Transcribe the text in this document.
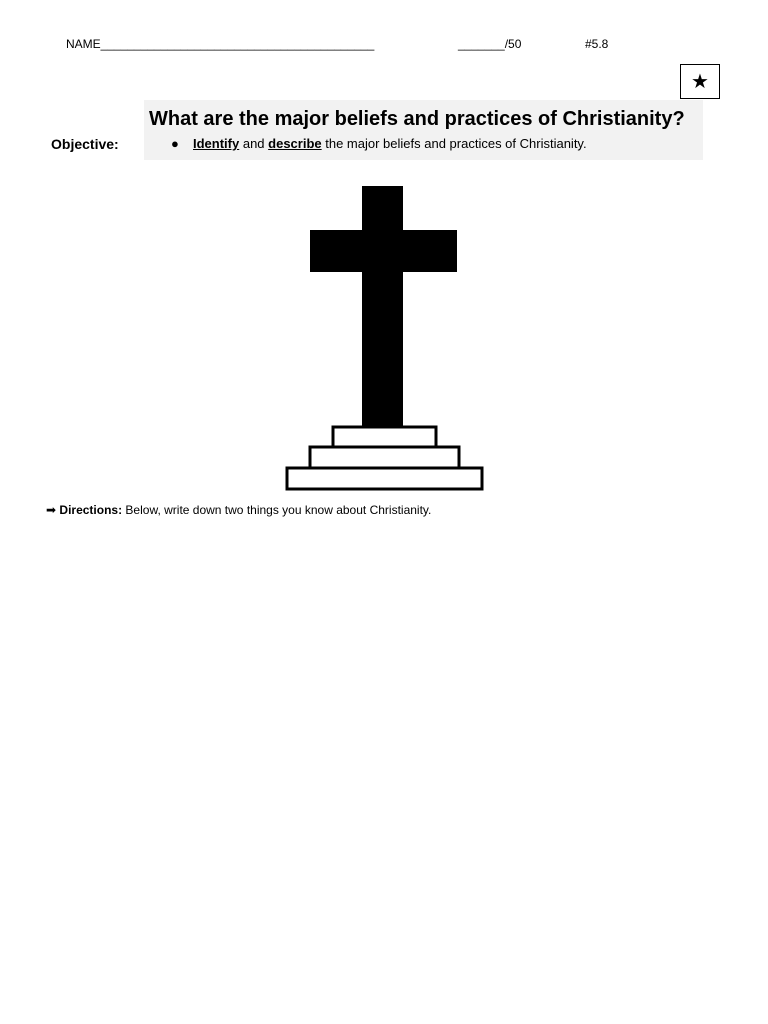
NAME_________________________________________	_______/50	#5.8
★
What are the major beliefs and practices of Christianity?
Objective:	● Identify and describe the major beliefs and practices of Christianity.
➡ Directions: Below, write down two things you know about Christianity.
